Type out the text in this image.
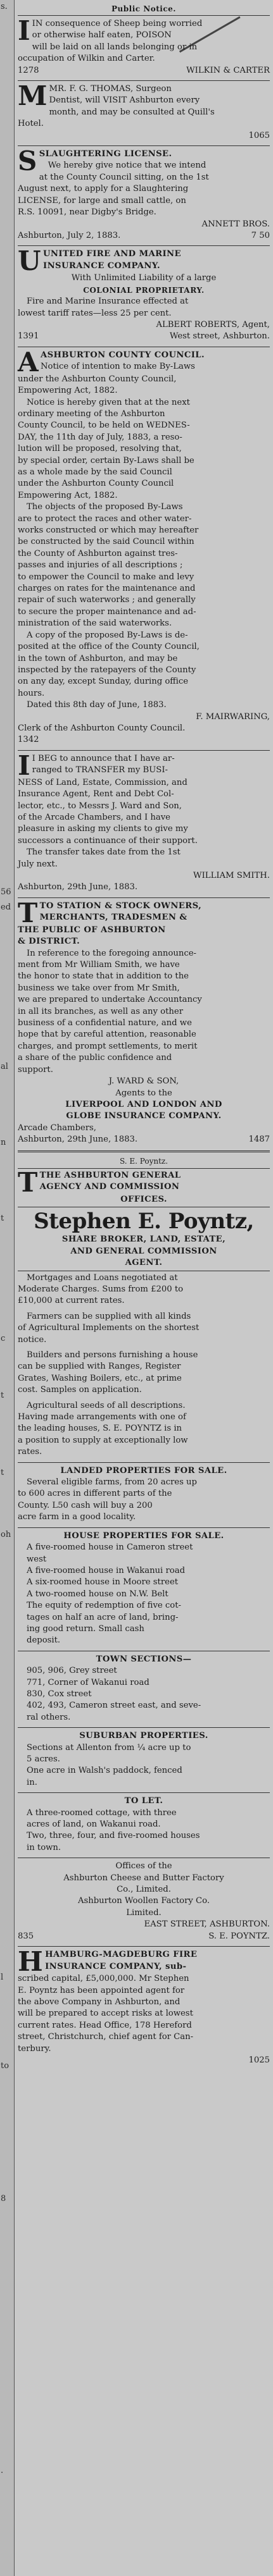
s.
56
ed
al
n
t
c
t
t
oh
l
to
8
.
Public Notice.

IIN consequence of Sheep being worried

or otherwise half eaten, POISON

will be laid on all lands belonging or in

occupation of Wilkin and Carter.

1278	WILKIN & CARTER

MMR. F. G. THOMAS, Surgeon

Dentist, will VISIT Ashburton every

month, and may be consulted at Quill's

Hotel.

1065

SSLAUGHTERING LICENSE.

We hereby give notice that we intend

at the County Council sitting, on the 1st

August next, to apply for a Slaughtering

LICENSE, for large and small cattle, on

R.S. 10091, near Digby's Bridge.

ANNETT BROS.

Ashburton, July 2, 1883.	7 50

UUNITED FIRE AND MARINE

INSURANCE COMPANY.

With Unlimited Liability of a large

COLONIAL PROPRIETARY.

Fire and Marine Insurance effected at

lowest tariff rates—less 25 per cent.

ALBERT ROBERTS, Agent,

1391	West street, Ashburton.

AASHBURTON COUNTY COUNCIL.

Notice of intention to make By-Laws

under the Ashburton County Council,

Empowering Act, 1882.

Notice is hereby given that at the next

ordinary meeting of the Ashburton

County Council, to be held on WEDNES-

DAY, the 11th day of July, 1883, a reso-

lution will be proposed, resolving that,

by special order, certain By-Laws shall be

as a whole made by the said Council

under the Ashburton County Council

Empowering Act, 1882.

The objects of the proposed By-Laws

are to protect the races and other water-

works constructed or which may hereafter

be constructed by the said Council within

the County of Ashburton against tres-

passes and injuries of all descriptions ;

to empower the Council to make and levy

charges on rates for the maintenance and

repair of such waterworks ; and generally

to secure the proper maintenance and ad-

ministration of the said waterworks.

A copy of the proposed By-Laws is de-

posited at the office of the County Council,

in the town of Ashburton, and may be

inspected by the ratepayers of the County

on any day, except Sunday, during office

hours.

Dated this 8th day of June, 1883.

F. MAIRWARING,

Clerk of the Ashburton County Council.

1342

I I BEG to announce that I have ar-

ranged to TRANSFER my BUSI-

NESS of Land, Estate, Commission, and

Insurance Agent, Rent and Debt Col-

lector, etc., to Messrs J. Ward and Son,

of the Arcade Chambers, and I have

pleasure in asking my clients to give my

successors a continuance of their support.

The transfer takes date from the 1st

July next.

WILLIAM SMITH.

Ashburton, 29th June, 1883.

TTO STATION & STOCK OWNERS,

MERCHANTS, TRADESMEN &

THE PUBLIC OF ASHBURTON

& DISTRICT.

In reference to the foregoing announce-

ment from Mr William Smith, we have

the honor to state that in addition to the

business we take over from Mr Smith,

we are prepared to undertake Accountancy

in all its branches, as well as any other

business of a confidential nature, and we

hope that by careful attention, reasonable

charges, and prompt settlements, to merit

a share of the public confidence and

support.

J. WARD & SON,

Agents to the

LIVERPOOL AND LONDON AND

GLOBE INSURANCE COMPANY.

Arcade Chambers,

Ashburton, 29th June, 1883.	1487

S. E. Poyntz.

TTHE ASHBURTON GENERAL

AGENCY AND COMMISSION

OFFICES.

Stephen E. Poyntz,

SHARE BROKER, LAND, ESTATE,

AND GENERAL COMMISSION

AGENT.

Mortgages and Loans negotiated at

Moderate Charges. Sums from £200 to

£10,000 at current rates.

Farmers can be supplied with all kinds

of Agricultural Implements on the shortest

notice.

Builders and persons furnishing a house

can be supplied with Ranges, Register

Grates, Washing Boilers, etc., at prime

cost. Samples on application.

Agricultural seeds of all descriptions.

Having made arrangements with one of

the leading houses, S. E. POYNTZ is in

a position to supply at exceptionally low

rates.

LANDED PROPERTIES FOR SALE.

Several eligible farms, from 20 acres up

to 600 acres in different parts of the

County. L50 cash will buy a 200

acre farm in a good locality.

HOUSE PROPERTIES FOR SALE.

A five-roomed house in Cameron street

west

A five-roomed house in Wakanui road

A six-roomed house in Moore street

A two-roomed house on N.W. Belt

The equity of redemption of five cot-

tages on half an acre of land, bring-

ing good return. Small cash

deposit.

TOWN SECTIONS—

905, 906, Grey street

771, Corner of Wakanui road

830, Cox street

402, 493, Cameron street east, and seve-

ral others.

SUBURBAN PROPERTIES.

Sections at Allenton from ¼ acre up to

5 acres.

One acre in Walsh's paddock, fenced

in.

TO LET.

A three-roomed cottage, with three

acres of land, on Wakanui road.

Two, three, four, and five-roomed houses

in town.

Offices of the

Ashburton Cheese and Butter Factory

Co., Limited.

Ashburton Woollen Factory Co.

Limited.

EAST STREET, ASHBURTON.

835	S. E. POYNTZ.

HHAMBURG-MAGDEBURG FIRE

INSURANCE COMPANY, sub-

scribed capital, £5,000,000. Mr Stephen

E. Poyntz has been appointed agent for

the above Company in Ashburton, and

will be prepared to accept risks at lowest

current rates. Head Office, 178 Hereford

street, Christchurch, chief agent for Can-

terbury.

1025
